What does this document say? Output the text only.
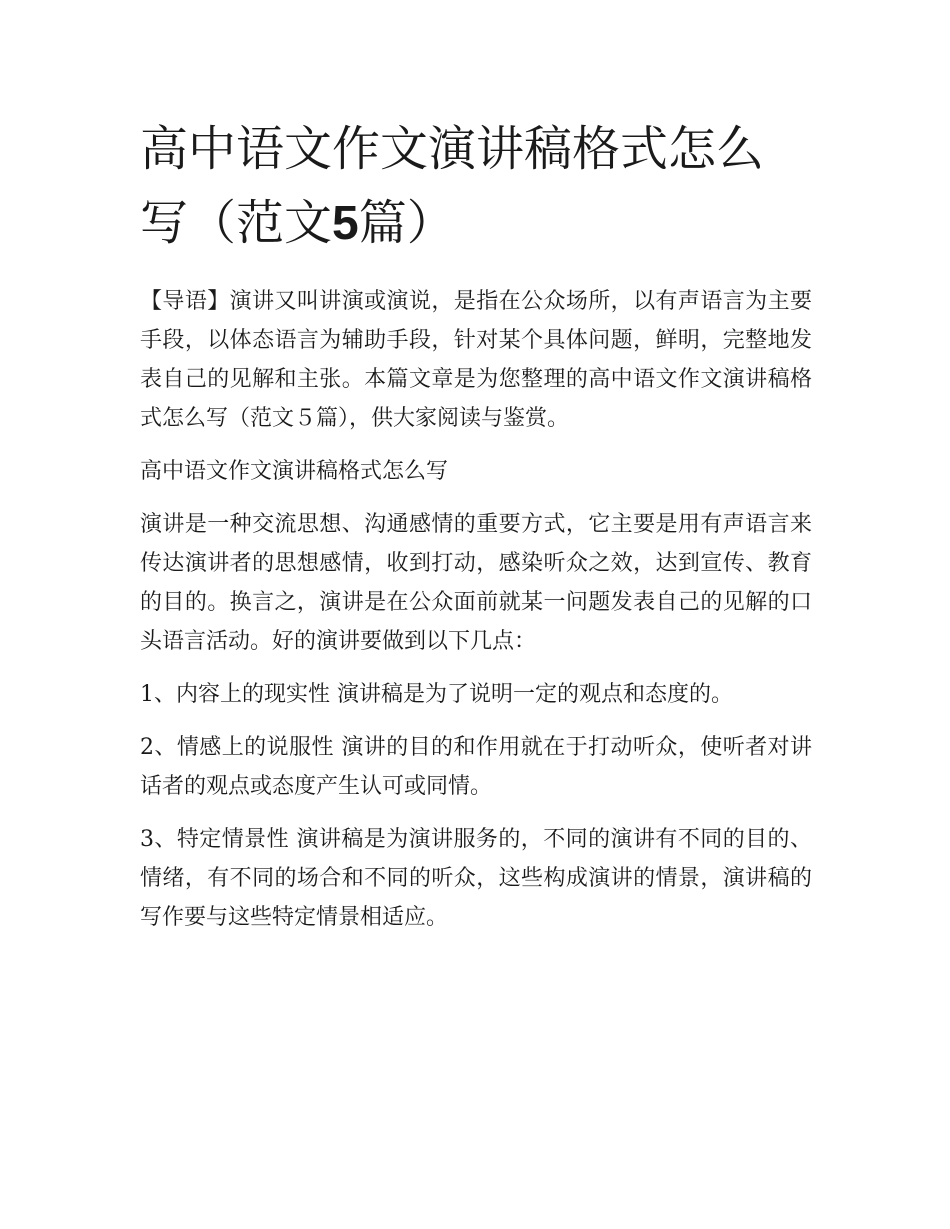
高中语文作文演讲稿格式怎么
写（范文5篇）

【导语】演讲又叫讲演或演说，是指在公众场所，以有声语言为主要手段，以体态语言为辅助手段，针对某个具体问题，鲜明，完整地发表自己的见解和主张。本篇文章是为您整理的高中语文作文演讲稿格式怎么写（范文５篇），供大家阅读与鉴赏。

高中语文作文演讲稿格式怎么写

演讲是一种交流思想、沟通感情的重要方式，它主要是用有声语言来传达演讲者的思想感情，收到打动，感染听众之效，达到宣传、教育的目的。换言之，演讲是在公众面前就某一问题发表自己的见解的口头语言活动。好的演讲要做到以下几点：

1、内容上的现实性 演讲稿是为了说明一定的观点和态度的。

2、情感上的说服性 演讲的目的和作用就在于打动听众，使听者对讲话者的观点或态度产生认可或同情。

3、特定情景性 演讲稿是为演讲服务的，不同的演讲有不同的目的、情绪，有不同的场合和不同的听众，这些构成演讲的情景，演讲稿的写作要与这些特定情景相适应。
